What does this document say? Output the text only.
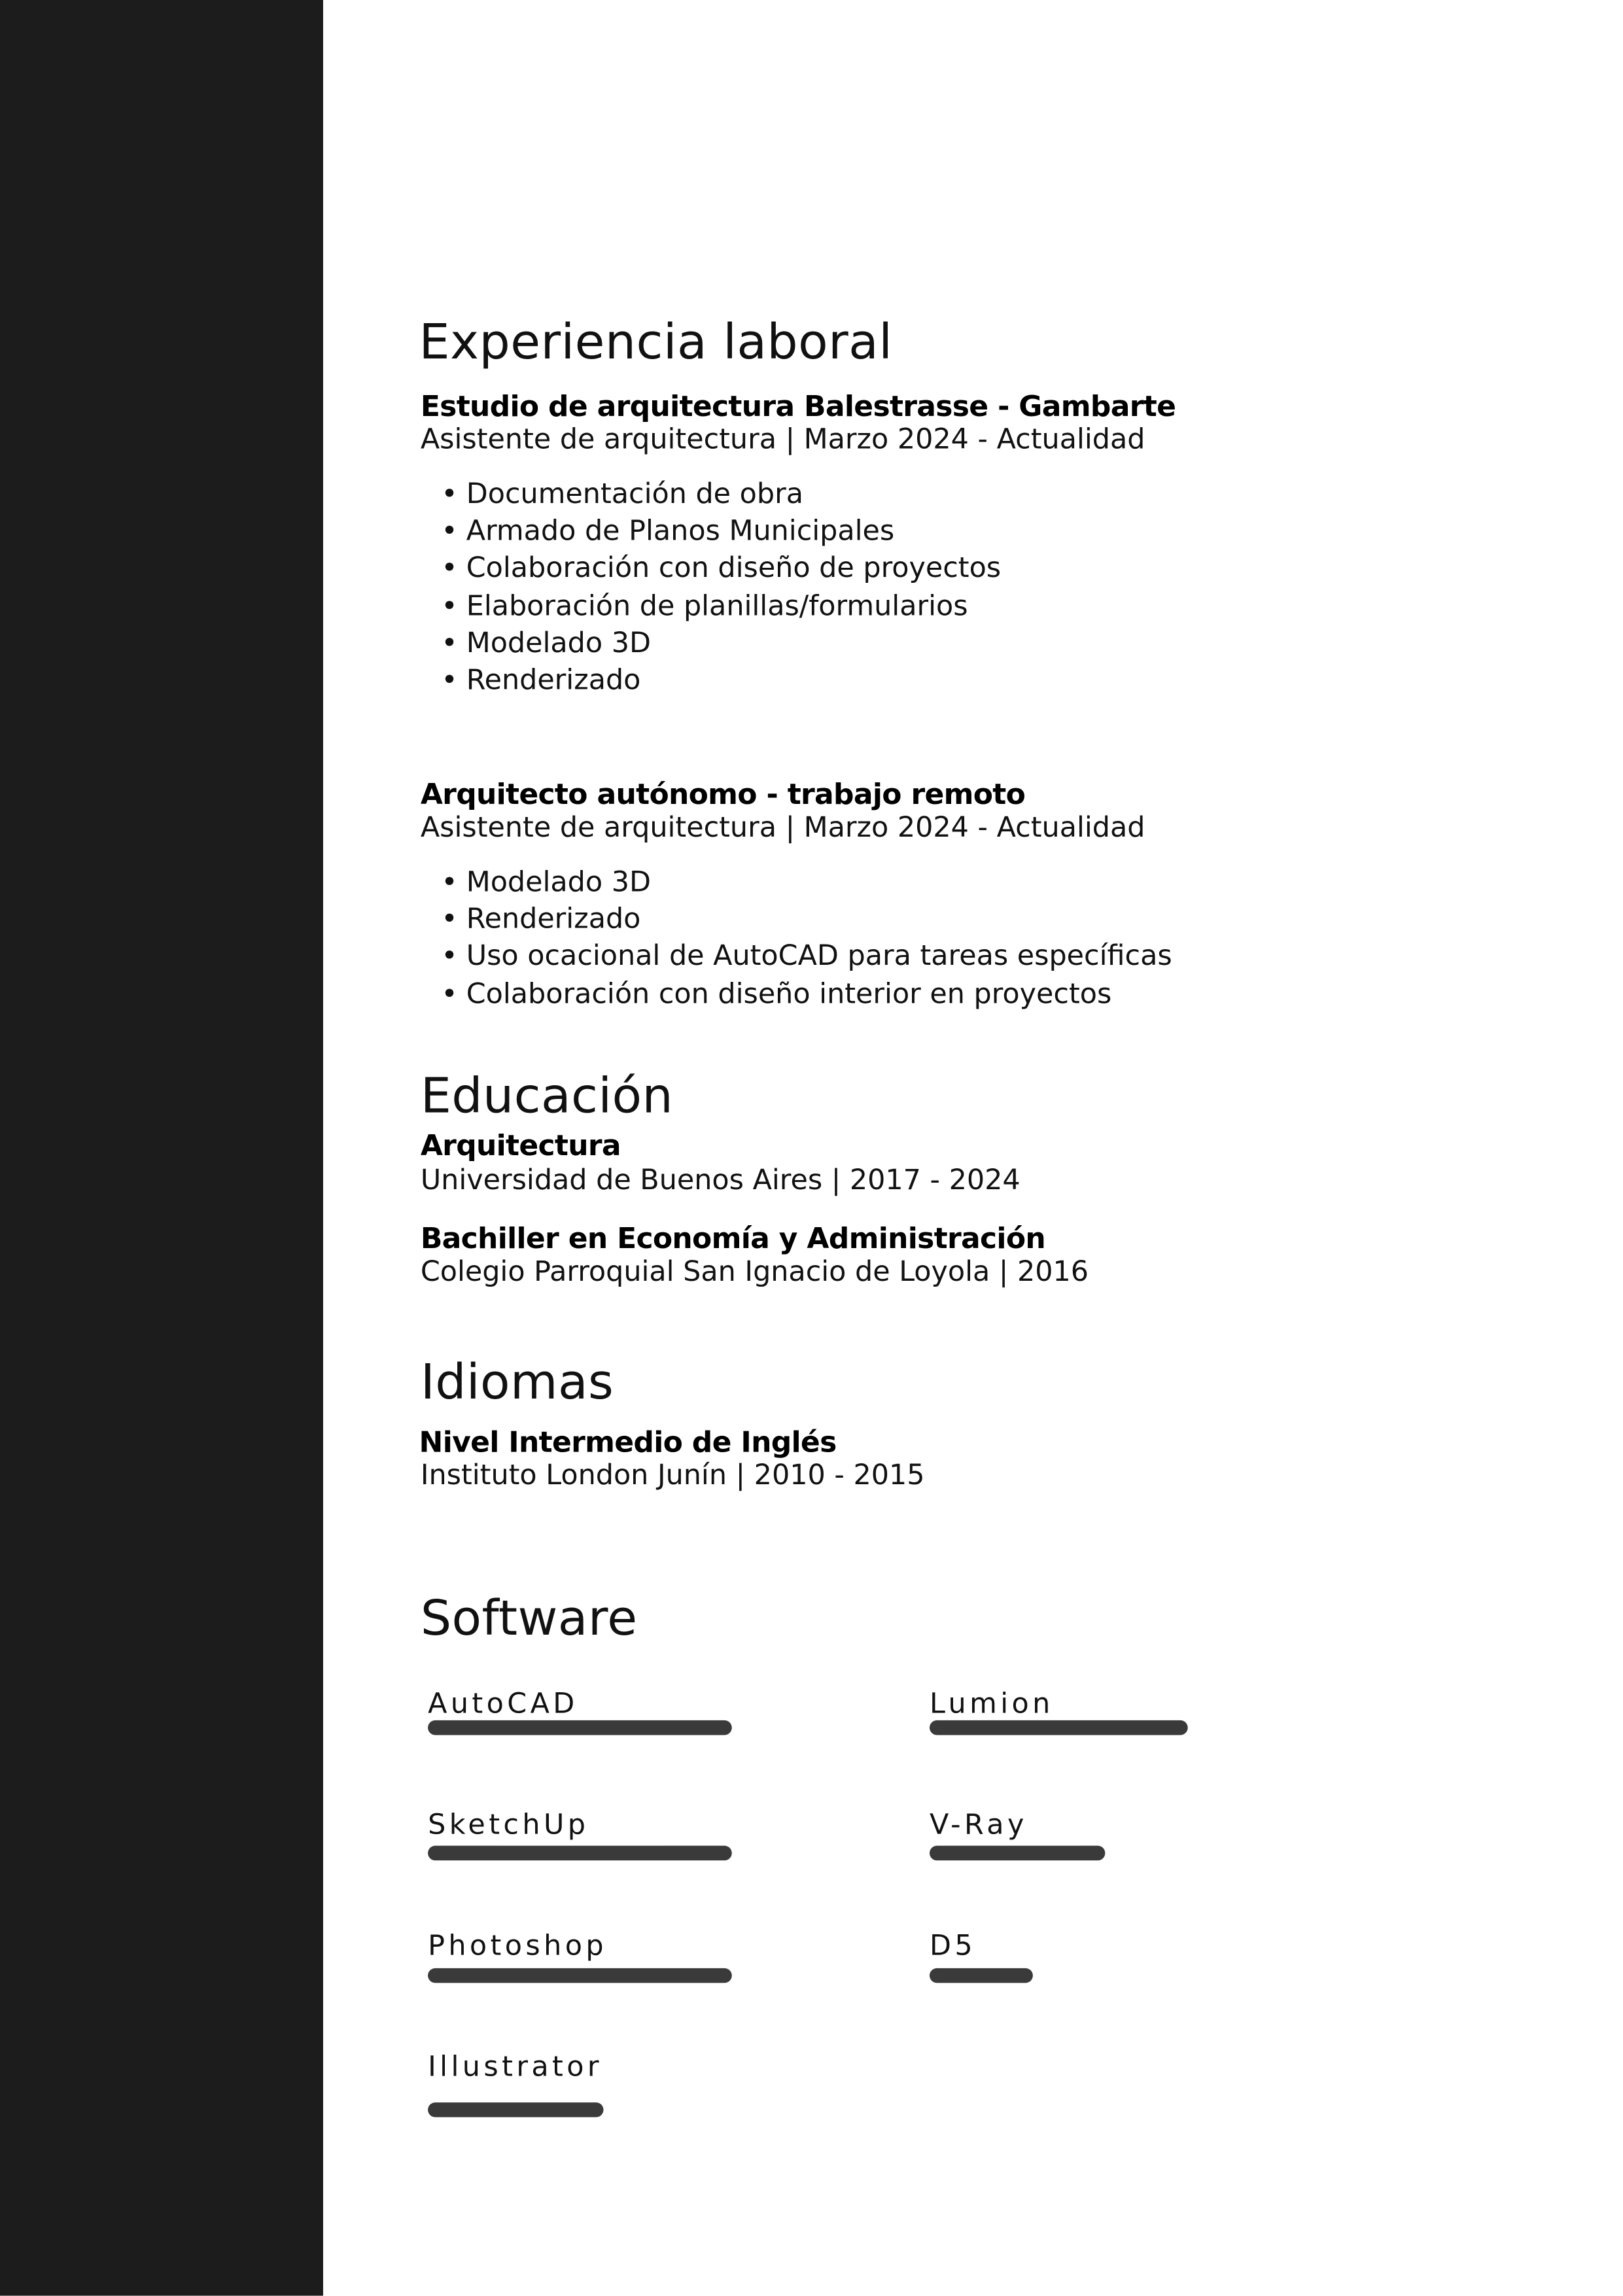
Experiencia laboral
Estudio de arquitectura Balestrasse - Gambarte
Asistente de arquitectura | Marzo 2024 - Actualidad
• Documentación de obra
• Armado de Planos Municipales
• Colaboración con diseño de proyectos
• Elaboración de planillas/formularios
• Modelado 3D
• Renderizado
Arquitecto autónomo - trabajo remoto
Asistente de arquitectura | Marzo 2024 - Actualidad
• Modelado 3D
• Renderizado
• Uso ocacional de AutoCAD para tareas específicas
• Colaboración con diseño interior en proyectos
Educación
Arquitectura
Universidad de Buenos Aires | 2017 - 2024
Bachiller en Economía y Administración
Colegio Parroquial San Ignacio de Loyola | 2016
Idiomas
Nivel Intermedio de Inglés
Instituto London Junín | 2010 - 2015
Software
AutoCAD	Lumion
SketchUp	V-Ray
Photoshop	D5
Illustrator
